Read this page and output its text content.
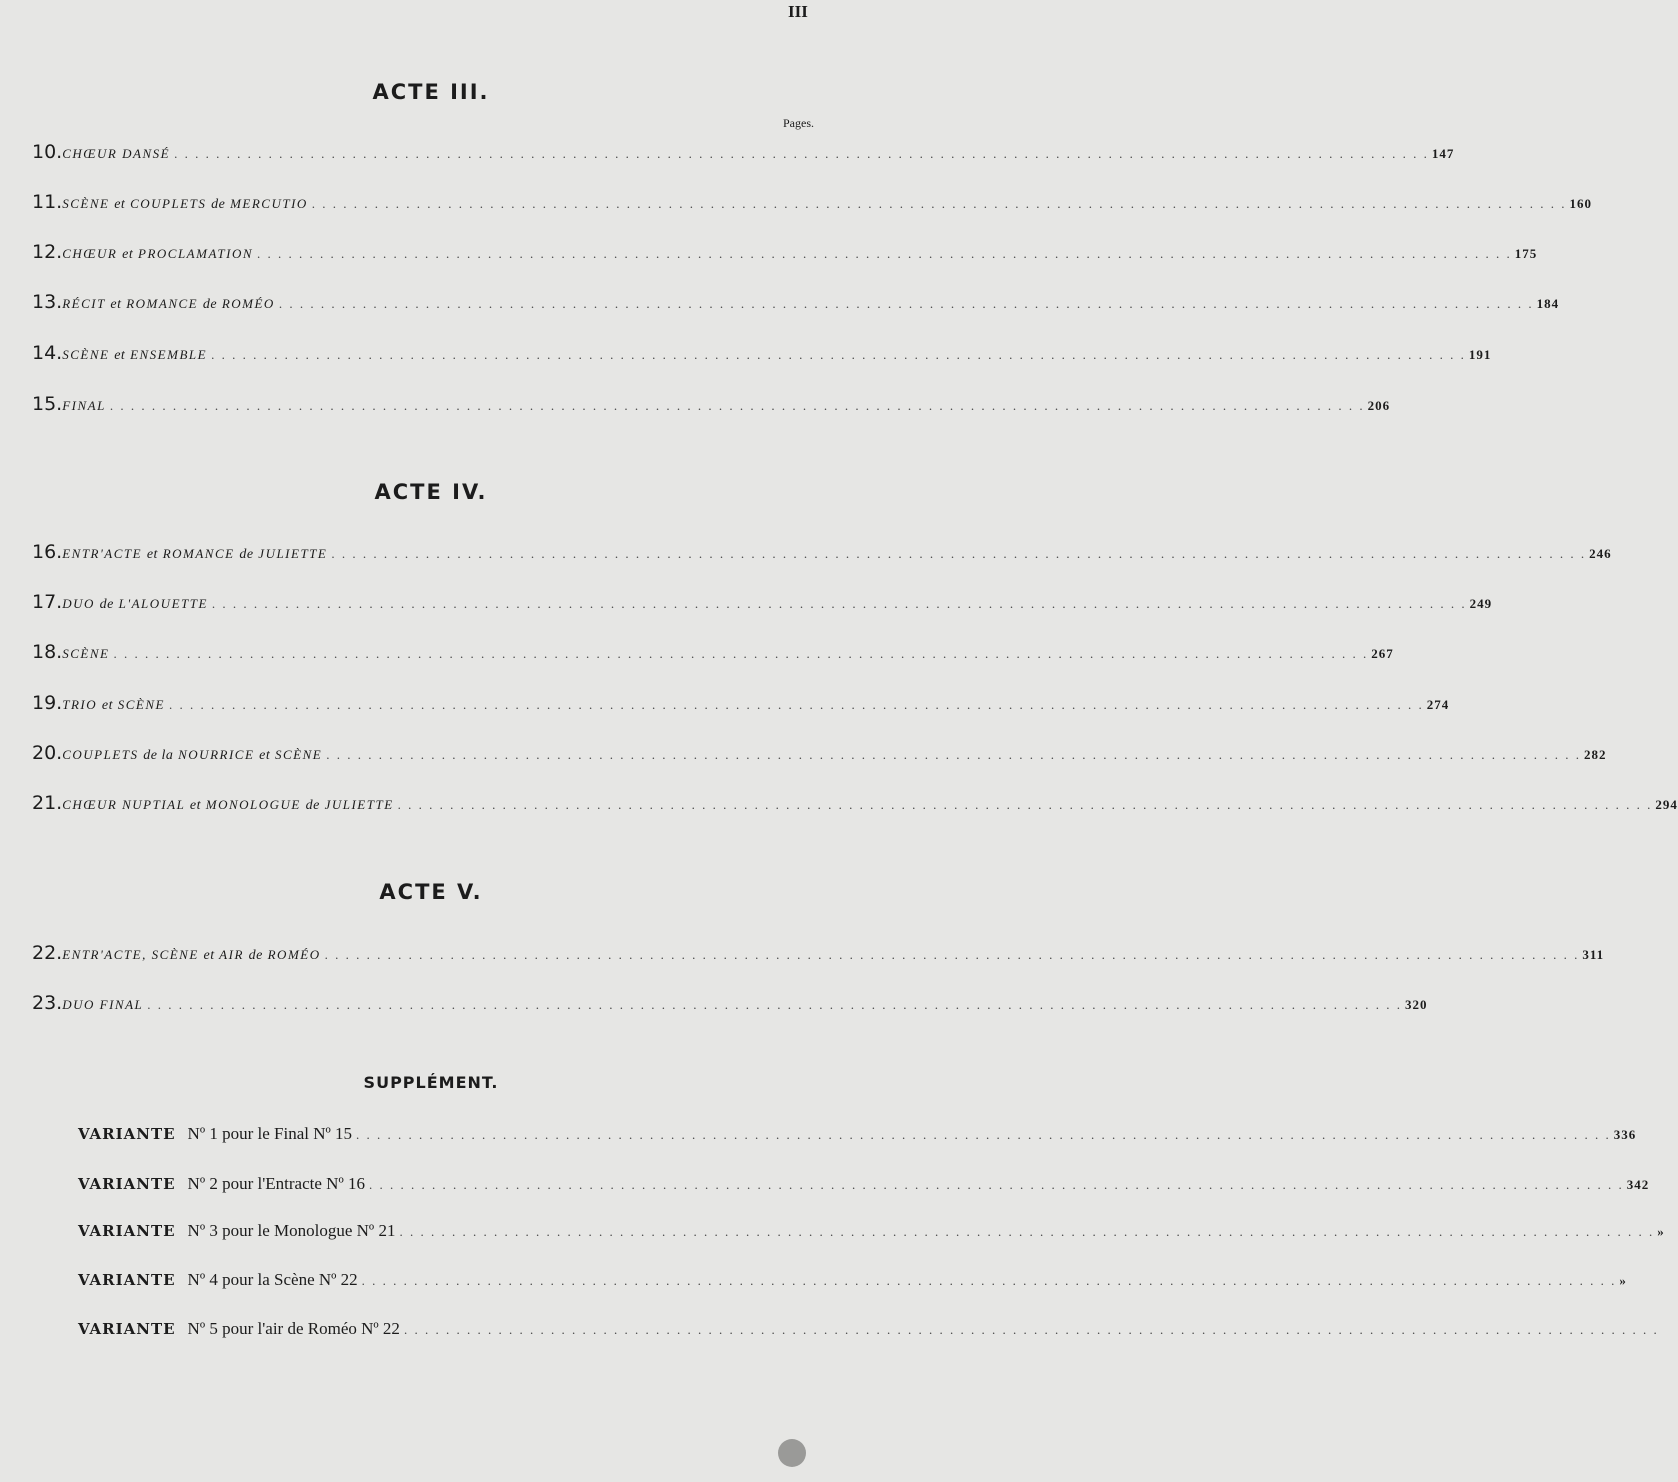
III
Pages.
ACTE III.
ACTE IV.
ACTE V.
10. CHŒUR DANSÉ . . . . . . . . . . . . . . . . . . . . . . . . . . . . . . . . . . . . . . . . . . . . . . . . . . . . . . . . . . . . . . . . . . . . . . . . . . . . . . . . . . . . . . . . . . . . . . . . . . . . . . . . . . . . . . . . . . . . . . . . 147
11. SCÈNE et COUPLETS de MERCUTIO . . . . . . . . . . . . . . . . . . . . . . . . . . . . . . . . . . . . . . . . . . . . . . . . . . . . . . . . . . . . . . . . . . . . . . . . . . . . . . . . . . . . . . . . . . . . . . . . . . . . . . . . . . . . . . . . . . . . . . . . 160
12. CHŒUR et PROCLAMATION . . . . . . . . . . . . . . . . . . . . . . . . . . . . . . . . . . . . . . . . . . . . . . . . . . . . . . . . . . . . . . . . . . . . . . . . . . . . . . . . . . . . . . . . . . . . . . . . . . . . . . . . . . . . . . . . . . . . . . . . 175
13. RÉCIT et ROMANCE de ROMÉO . . . . . . . . . . . . . . . . . . . . . . . . . . . . . . . . . . . . . . . . . . . . . . . . . . . . . . . . . . . . . . . . . . . . . . . . . . . . . . . . . . . . . . . . . . . . . . . . . . . . . . . . . . . . . . . . . . . . . . . . 184
14. SCÈNE et ENSEMBLE . . . . . . . . . . . . . . . . . . . . . . . . . . . . . . . . . . . . . . . . . . . . . . . . . . . . . . . . . . . . . . . . . . . . . . . . . . . . . . . . . . . . . . . . . . . . . . . . . . . . . . . . . . . . . . . . . . . . . . . . 191
15. FINAL . . . . . . . . . . . . . . . . . . . . . . . . . . . . . . . . . . . . . . . . . . . . . . . . . . . . . . . . . . . . . . . . . . . . . . . . . . . . . . . . . . . . . . . . . . . . . . . . . . . . . . . . . . . . . . . . . . . . . . . . 206
16. ENTR'ACTE et ROMANCE de JULIETTE . . . . . . . . . . . . . . . . . . . . . . . . . . . . . . . . . . . . . . . . . . . . . . . . . . . . . . . . . . . . . . . . . . . . . . . . . . . . . . . . . . . . . . . . . . . . . . . . . . . . . . . . . . . . . . . . . . . . . . . . 246
17. DUO de L'ALOUETTE . . . . . . . . . . . . . . . . . . . . . . . . . . . . . . . . . . . . . . . . . . . . . . . . . . . . . . . . . . . . . . . . . . . . . . . . . . . . . . . . . . . . . . . . . . . . . . . . . . . . . . . . . . . . . . . . . . . . . . . . 249
18. SCÈNE . . . . . . . . . . . . . . . . . . . . . . . . . . . . . . . . . . . . . . . . . . . . . . . . . . . . . . . . . . . . . . . . . . . . . . . . . . . . . . . . . . . . . . . . . . . . . . . . . . . . . . . . . . . . . . . . . . . . . . . . 267
19. TRIO et SCÈNE . . . . . . . . . . . . . . . . . . . . . . . . . . . . . . . . . . . . . . . . . . . . . . . . . . . . . . . . . . . . . . . . . . . . . . . . . . . . . . . . . . . . . . . . . . . . . . . . . . . . . . . . . . . . . . . . . . . . . . . . 274
20. COUPLETS de la NOURRICE et SCÈNE . . . . . . . . . . . . . . . . . . . . . . . . . . . . . . . . . . . . . . . . . . . . . . . . . . . . . . . . . . . . . . . . . . . . . . . . . . . . . . . . . . . . . . . . . . . . . . . . . . . . . . . . . . . . . . . . . . . . . . . . 282
21. CHŒUR NUPTIAL et MONOLOGUE de JULIETTE . . . . . . . . . . . . . . . . . . . . . . . . . . . . . . . . . . . . . . . . . . . . . . . . . . . . . . . . . . . . . . . . . . . . . . . . . . . . . . . . . . . . . . . . . . . . . . . . . . . . . . . . . . . . . . . . . . . . . . . . 294
22. ENTR'ACTE, SCÈNE et AIR de ROMÉO . . . . . . . . . . . . . . . . . . . . . . . . . . . . . . . . . . . . . . . . . . . . . . . . . . . . . . . . . . . . . . . . . . . . . . . . . . . . . . . . . . . . . . . . . . . . . . . . . . . . . . . . . . . . . . . . . . . . . . . . 311
23. DUO FINAL . . . . . . . . . . . . . . . . . . . . . . . . . . . . . . . . . . . . . . . . . . . . . . . . . . . . . . . . . . . . . . . . . . . . . . . . . . . . . . . . . . . . . . . . . . . . . . . . . . . . . . . . . . . . . . . . . . . . . . . . 320
SUPPLÉMENT.
VARIANTE Nº 1 pour le Final Nº 15 . . . . . . . . . . . . . . . . . . . . . . . . . . . . . . . . . . . . . . . . . . . . . . . . . . . . . . . . . . . . . . . . . . . . . . . . . . . . . . . . . . . . . . . . . . . . . . . . . . . . . . . . . . . . . . . . . . . . . . . . 336
VARIANTE Nº 2 pour l'Entracte Nº 16 . . . . . . . . . . . . . . . . . . . . . . . . . . . . . . . . . . . . . . . . . . . . . . . . . . . . . . . . . . . . . . . . . . . . . . . . . . . . . . . . . . . . . . . . . . . . . . . . . . . . . . . . . . . . . . . . . . . . . . . . 342
VARIANTE Nº 3 pour le Monologue Nº 21 . . . . . . . . . . . . . . . . . . . . . . . . . . . . . . . . . . . . . . . . . . . . . . . . . . . . . . . . . . . . . . . . . . . . . . . . . . . . . . . . . . . . . . . . . . . . . . . . . . . . . . . . . . . . . . . . . . . . . . . . »
VARIANTE Nº 4 pour la Scène Nº 22 . . . . . . . . . . . . . . . . . . . . . . . . . . . . . . . . . . . . . . . . . . . . . . . . . . . . . . . . . . . . . . . . . . . . . . . . . . . . . . . . . . . . . . . . . . . . . . . . . . . . . . . . . . . . . . . . . . . . . . . . »
VARIANTE Nº 5 pour l'air de Roméo Nº 22 . . . . . . . . . . . . . . . . . . . . . . . . . . . . . . . . . . . . . . . . . . . . . . . . . . . . . . . . . . . . . . . . . . . . . . . . . . . . . . . . . . . . . . . . . . . . . . . . . . . . . . . . . . . . . . . . . . . . . . . .
